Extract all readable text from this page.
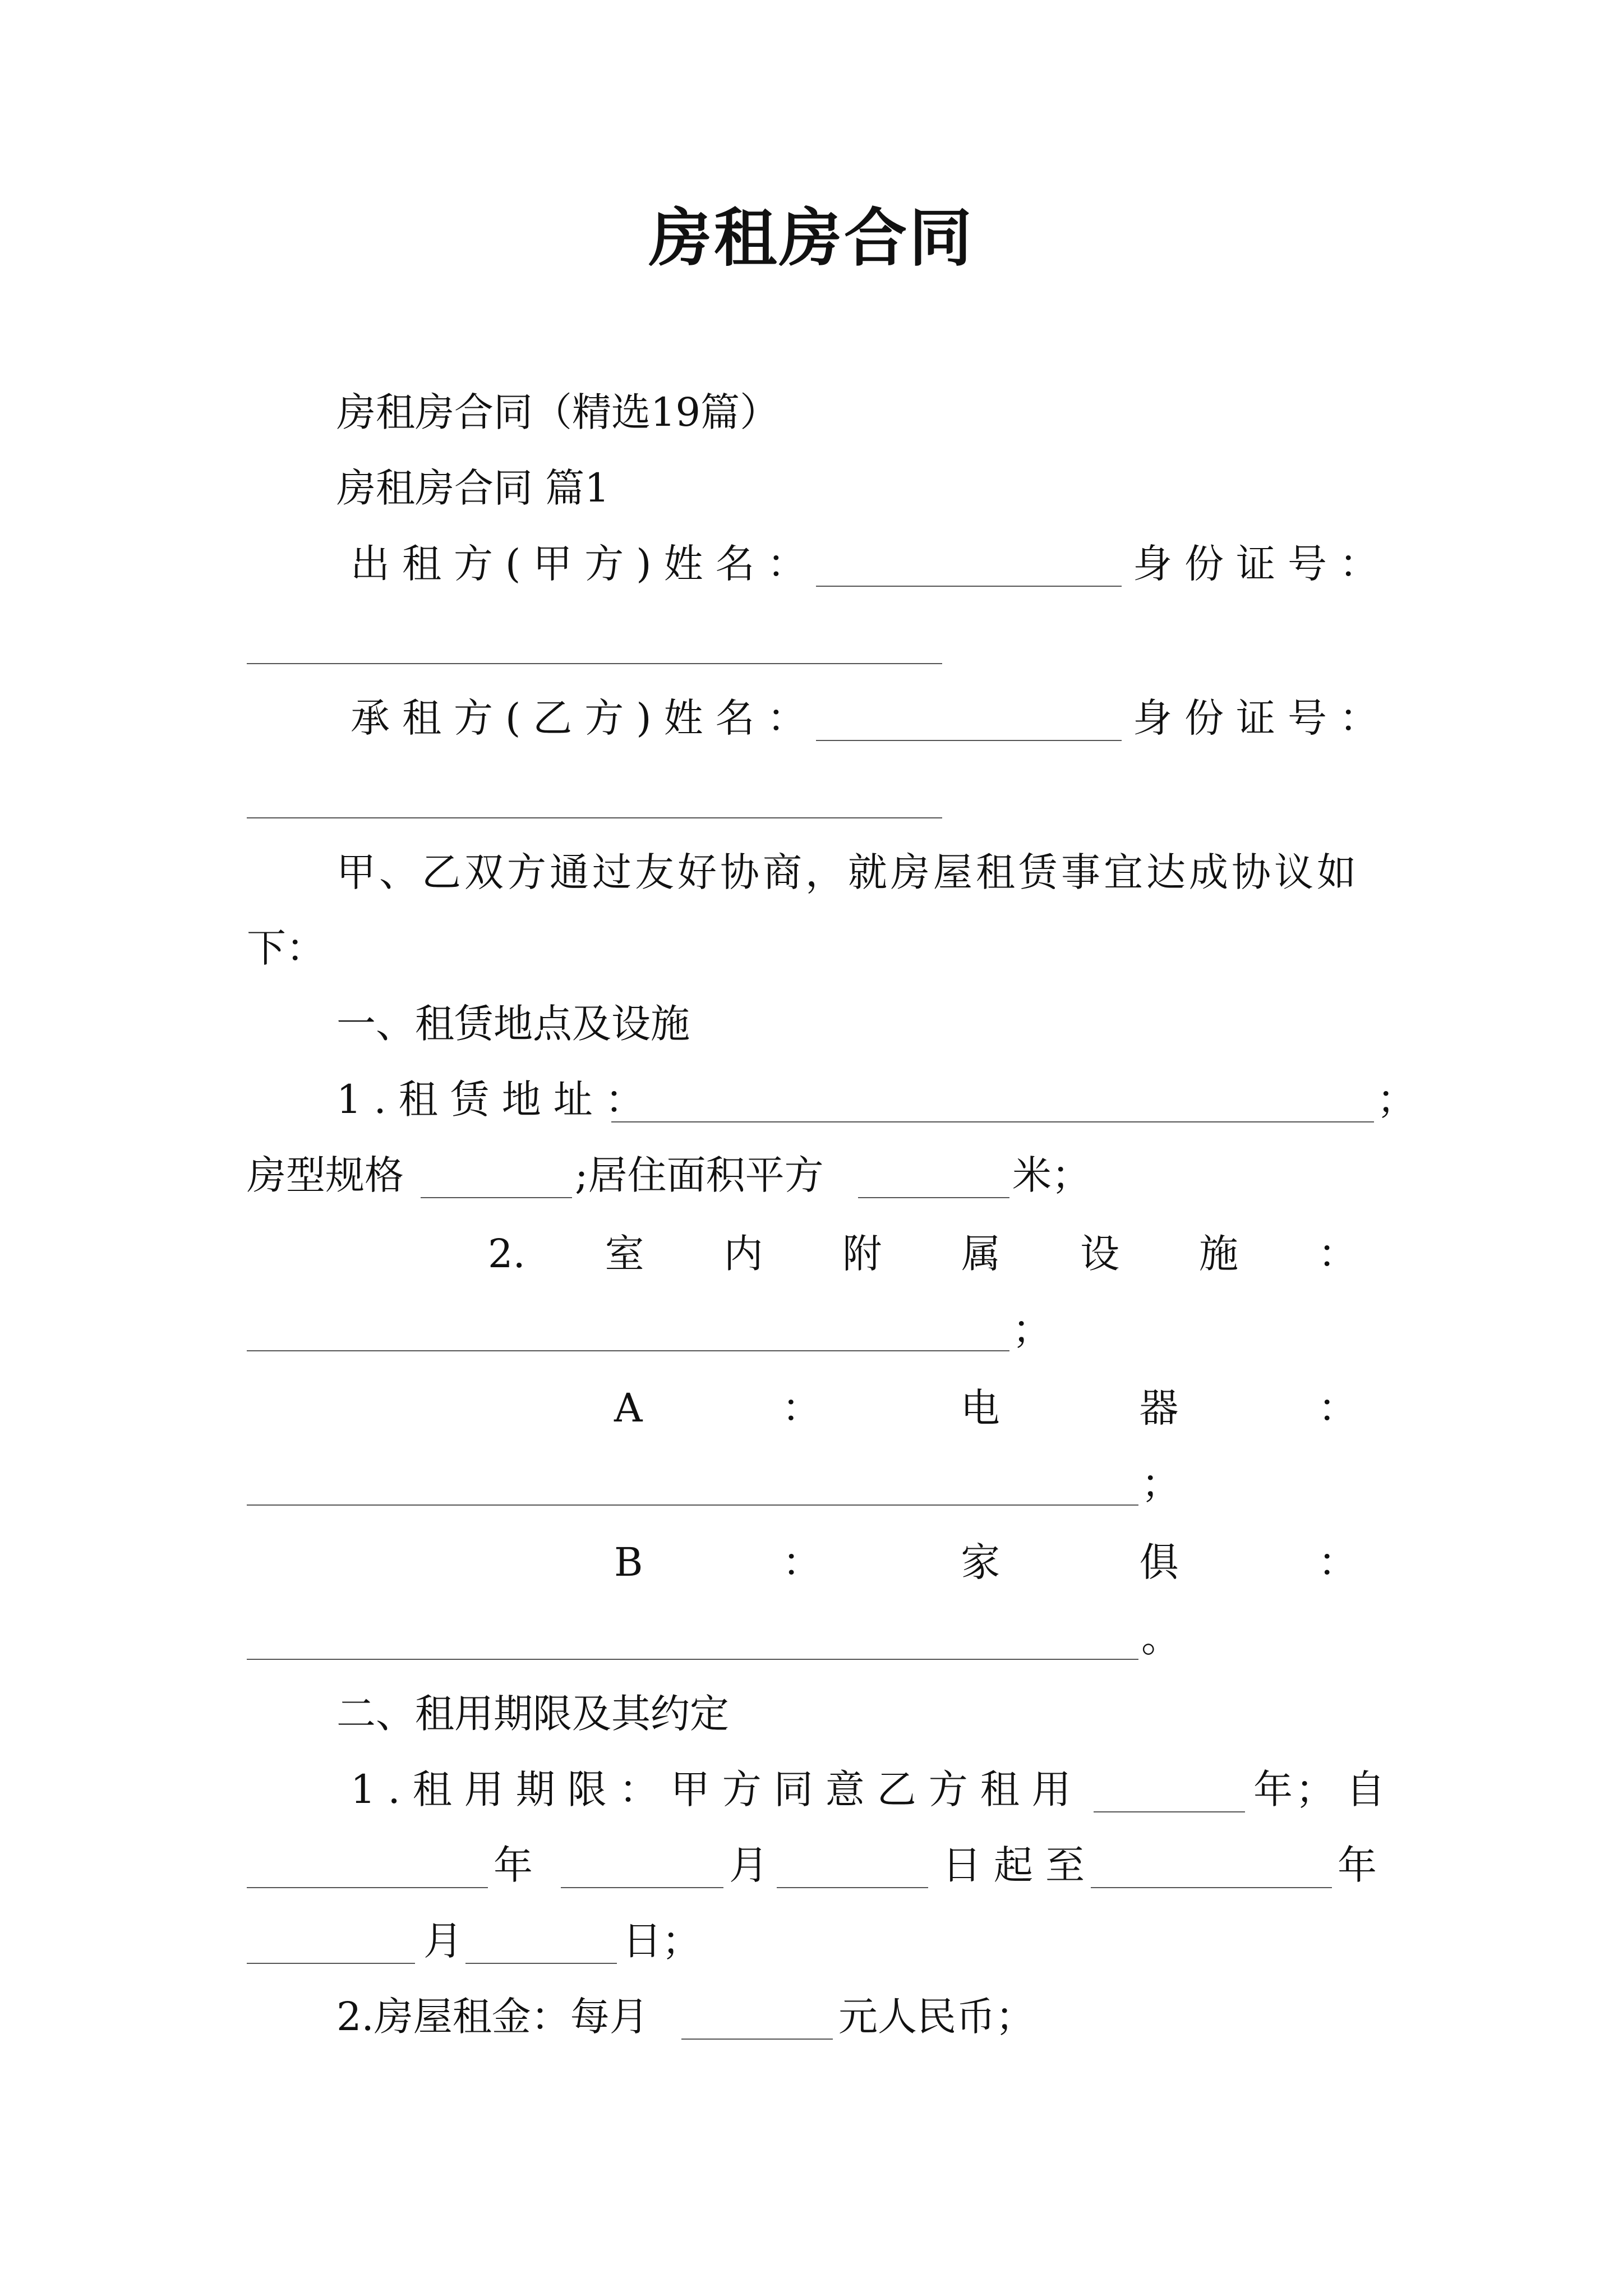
房租房合同
房租房合同（精选19篇）
房租房合同 篇1
出租方(甲方)姓名：	身份证号：
承租方(乙方)姓名：	身份证号：
甲、乙双方通过友好协商，就房屋租赁事宜达成协议如
下：
一、租赁地点及设施
1.租赁地址：	；
房型规格	;居住面积平方	米；
2. 室 内 附 属 设 施 ：
；
A	：	电	器	：
；
B	：	家	俱	：
。
二、租用期限及其约定
1.租用期限：甲方同意乙方租用	年 ；自
年	月	日起至	年
月	日；
2.房屋租金：每月	元人民币；
